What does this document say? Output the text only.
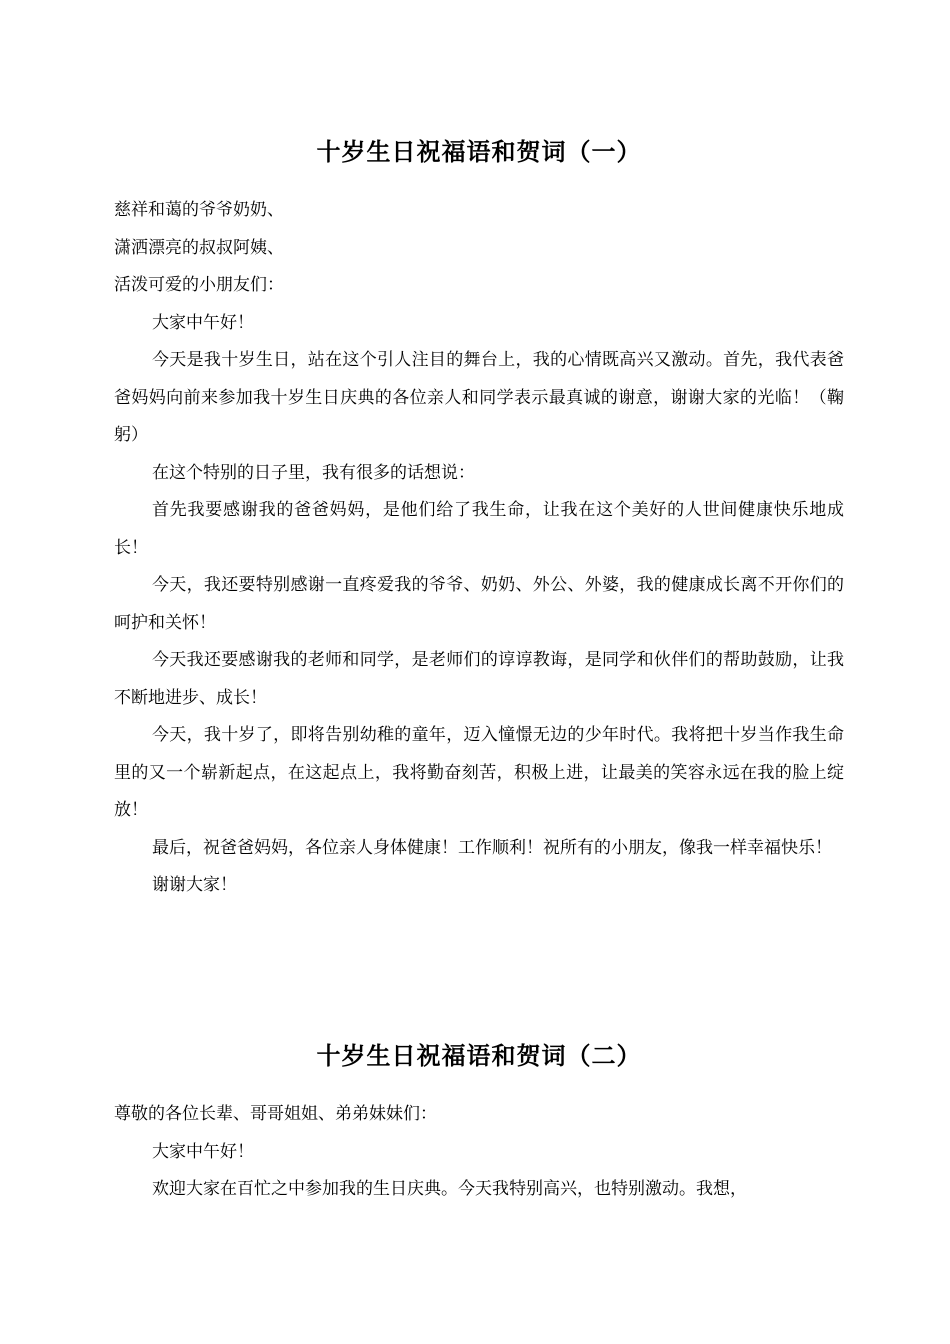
十岁生日祝福语和贺词（一）

慈祥和蔼的爷爷奶奶、

潇洒漂亮的叔叔阿姨、

活泼可爱的小朋友们：

大家中午好！

今天是我十岁生日，站在这个引人注目的舞台上，我的心情既高兴又激动。首先，我代表爸爸妈妈向前来参加我十岁生日庆典的各位亲人和同学表示最真诚的谢意，谢谢大家的光临！（鞠躬）

在这个特别的日子里，我有很多的话想说：

首先我要感谢我的爸爸妈妈，是他们给了我生命，让我在这个美好的人世间健康快乐地成长！

今天，我还要特别感谢一直疼爱我的爷爷、奶奶、外公、外婆，我的健康成长离不开你们的呵护和关怀！

今天我还要感谢我的老师和同学，是老师们的谆谆教诲，是同学和伙伴们的帮助鼓励，让我不断地进步、成长！

今天，我十岁了，即将告别幼稚的童年，迈入憧憬无边的少年时代。我将把十岁当作我生命里的又一个崭新起点，在这起点上，我将勤奋刻苦，积极上进，让最美的笑容永远在我的脸上绽放！

最后，祝爸爸妈妈，各位亲人身体健康！工作顺利！祝所有的小朋友，像我一样幸福快乐！

谢谢大家！

十岁生日祝福语和贺词（二）

尊敬的各位长辈、哥哥姐姐、弟弟妹妹们：

大家中午好！

欢迎大家在百忙之中参加我的生日庆典。今天我特别高兴，也特别激动。我想，
